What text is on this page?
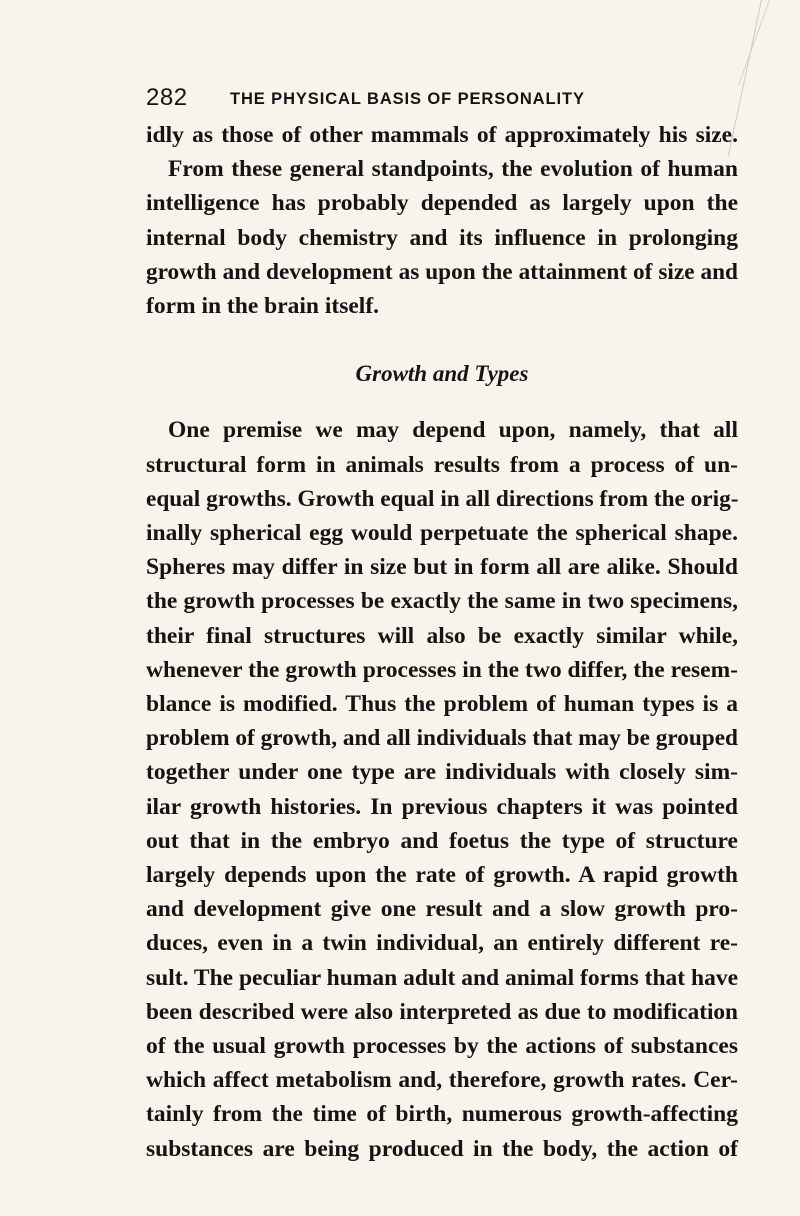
282	THE PHYSICAL BASIS OF PERSONALITY
idly as those of other mammals of approximately his size.
From these general standpoints, the evolution of human
intelligence has probably depended as largely upon the
internal body chemistry and its influence in prolonging
growth and development as upon the attainment of size and
form in the brain itself.
Growth and Types
One premise we may depend upon, namely, that all
structural form in animals results from a process of un-
equal growths. Growth equal in all directions from the orig-
inally spherical egg would perpetuate the spherical shape.
Spheres may differ in size but in form all are alike. Should
the growth processes be exactly the same in two specimens,
their final structures will also be exactly similar while,
whenever the growth processes in the two differ, the resem-
blance is modified. Thus the problem of human types is a
problem of growth, and all individuals that may be grouped
together under one type are individuals with closely sim-
ilar growth histories. In previous chapters it was pointed
out that in the embryo and foetus the type of structure
largely depends upon the rate of growth. A rapid growth
and development give one result and a slow growth pro-
duces, even in a twin individual, an entirely different re-
sult. The peculiar human adult and animal forms that have
been described were also interpreted as due to modification
of the usual growth processes by the actions of substances
which affect metabolism and, therefore, growth rates. Cer-
tainly from the time of birth, numerous growth-affecting
substances are being produced in the body, the action of
